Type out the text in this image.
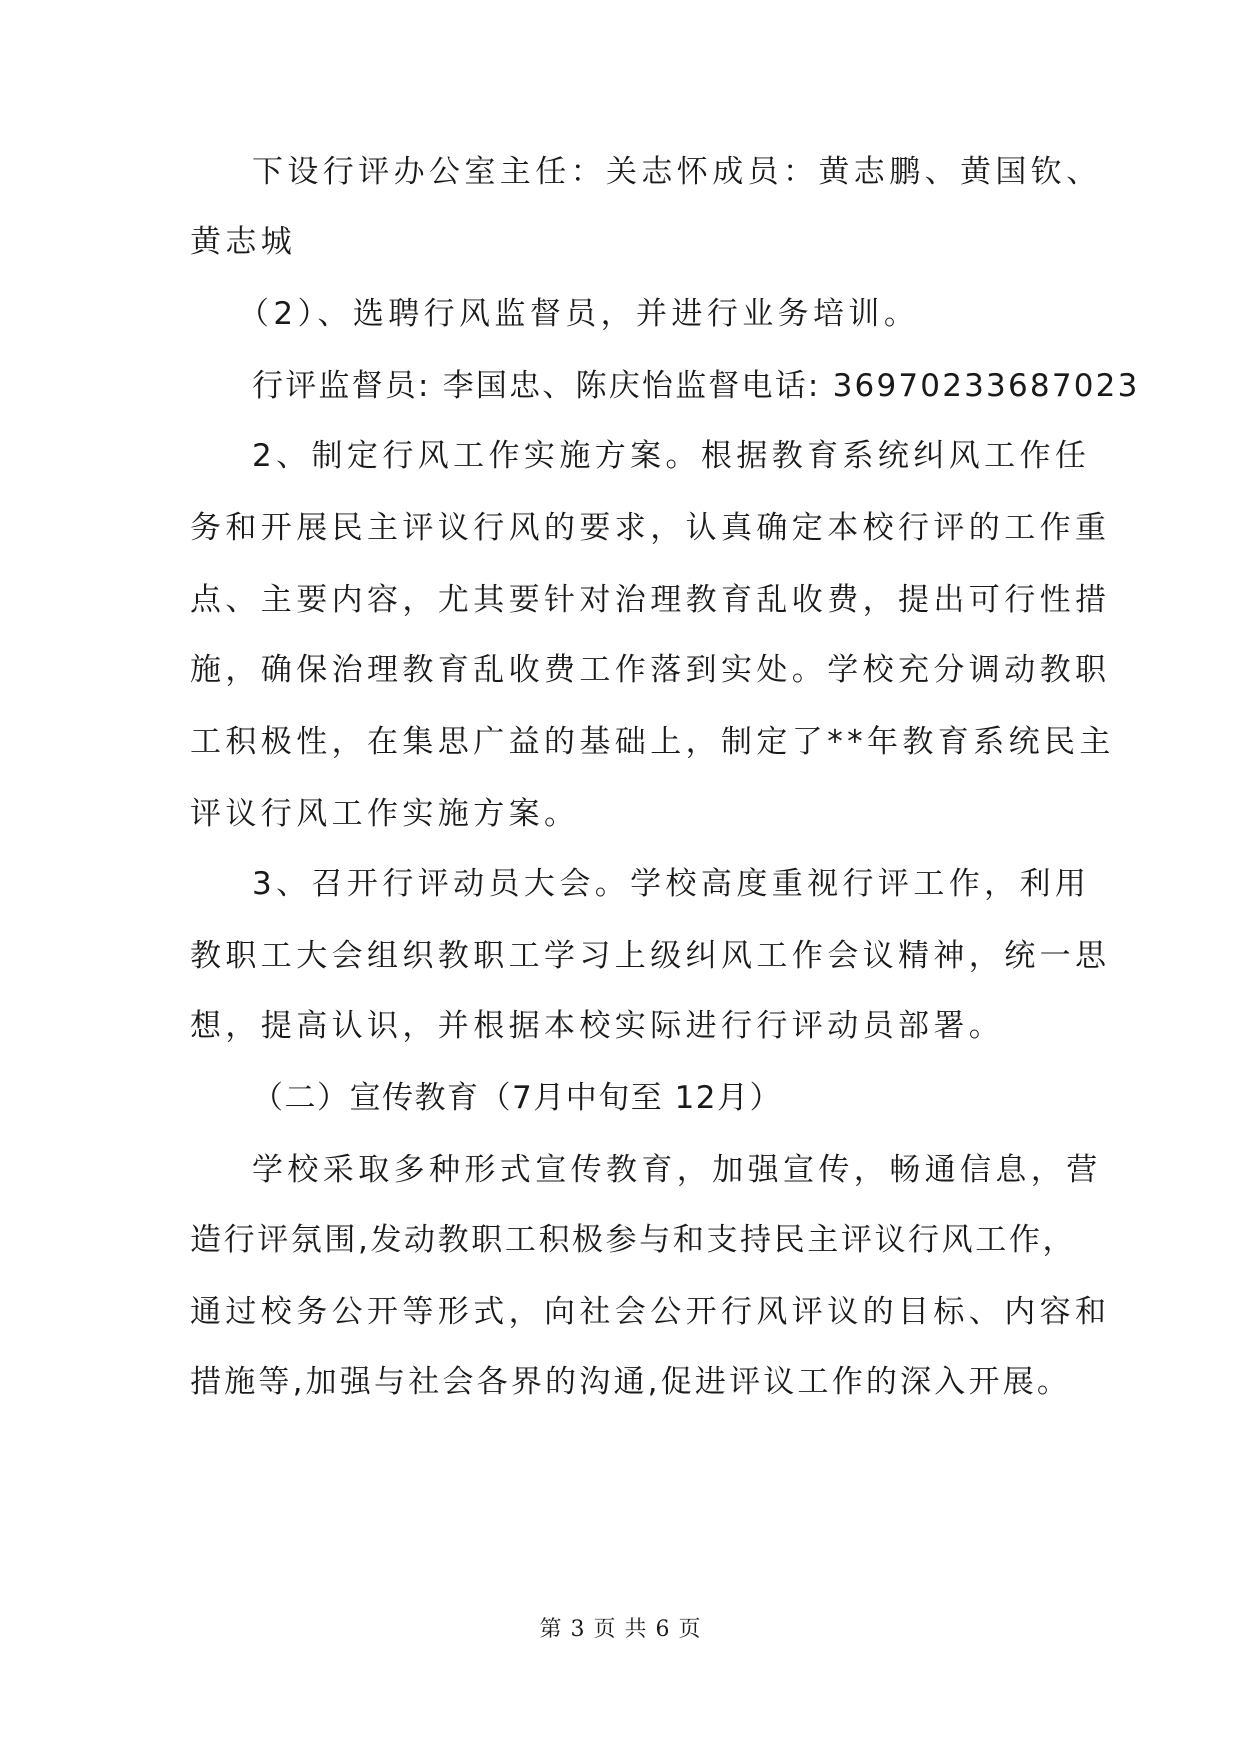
下设行评办公室主任：关志怀成员：黄志鹏、黄国钦、
黄志城
（2）、选聘行风监督员，并进行业务培训。
行评监督员: 李国忠、陈庆怡监督电话: 36970233687023
2、制定行风工作实施方案。根据教育系统纠风工作任
务和开展民主评议行风的要求，认真确定本校行评的工作重
点、主要内容，尤其要针对治理教育乱收费，提出可行性措
施，确保治理教育乱收费工作落到实处。学校充分调动教职
工积极性，在集思广益的基础上，制定了**年教育系统民主
评议行风工作实施方案。
3、召开行评动员大会。学校高度重视行评工作，利用
教职工大会组织教职工学习上级纠风工作会议精神，统一思
想，提高认识，并根据本校实际进行行评动员部署。
（二）宣传教育（7月中旬至 12月）
学校采取多种形式宣传教育，加强宣传，畅通信息，营
造行评氛围,发动教职工积极参与和支持民主评议行风工作，
通过校务公开等形式，向社会公开行风评议的目标、内容和
措施等,加强与社会各界的沟通,促进评议工作的深入开展。
第 3 页 共 6 页
